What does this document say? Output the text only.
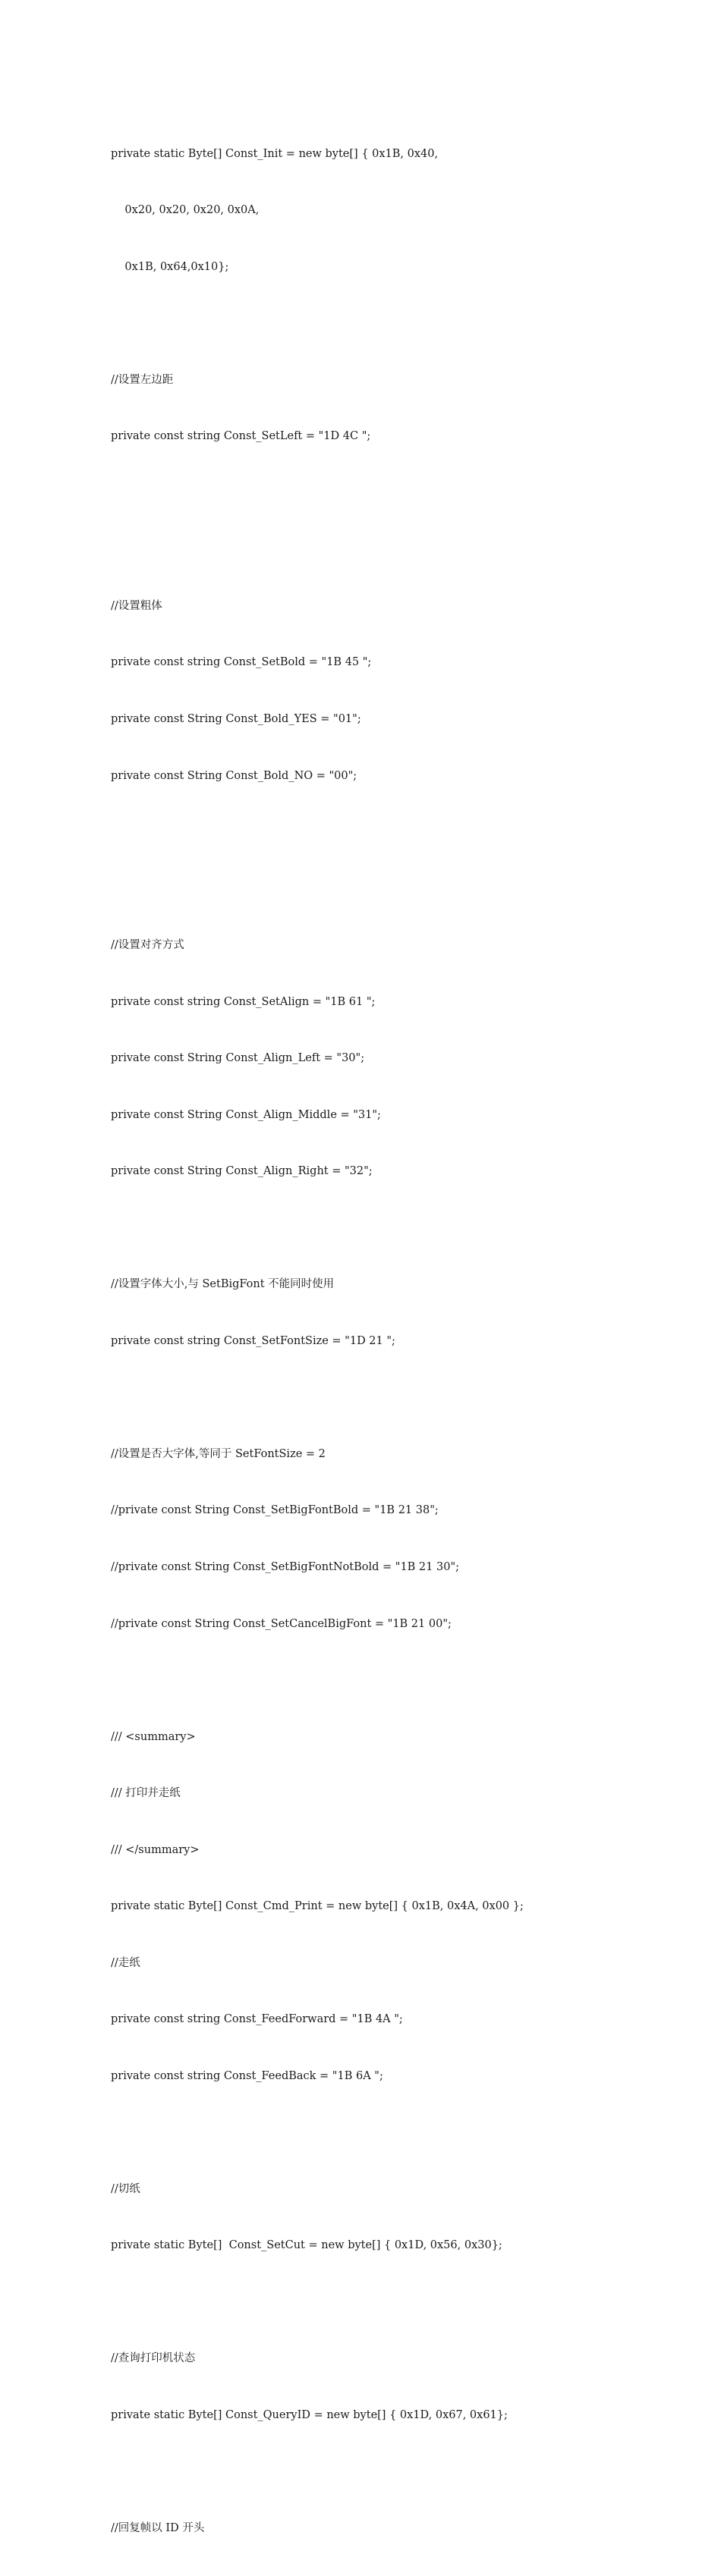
private static Byte[] Const_Init = new byte[] { 0x1B, 0x40,

0x20, 0x20, 0x20, 0x0A,

0x1B, 0x64,0x10};

//设置左边距

private const string Const_SetLeft = "1D 4C ";

//设置粗体

private const string Const_SetBold = "1B 45 ";

private const String Const_Bold_YES = "01";

private const String Const_Bold_NO = "00";

//设置对齐方式

private const string Const_SetAlign = "1B 61 ";

private const String Const_Align_Left = "30";

private const String Const_Align_Middle = "31";

private const String Const_Align_Right = "32";

//设置字体大小,与 SetBigFont 不能同时使用

private const string Const_SetFontSize = "1D 21 ";

//设置是否大字体,等同于 SetFontSize = 2

//private const String Const_SetBigFontBold = "1B 21 38";

//private const String Const_SetBigFontNotBold = "1B 21 30";

//private const String Const_SetCancelBigFont = "1B 21 00";

/// <summary>

/// 打印并走纸

/// </summary>

private static Byte[] Const_Cmd_Print = new byte[] { 0x1B, 0x4A, 0x00 };

//走纸

private const string Const_FeedForward = "1B 4A ";

private const string Const_FeedBack = "1B 6A ";

//切纸

private static Byte[]  Const_SetCut = new byte[] { 0x1D, 0x56, 0x30};

//查询打印机状态

private static Byte[] Const_QueryID = new byte[] { 0x1D, 0x67, 0x61};

//回复帧以 ID 开头
